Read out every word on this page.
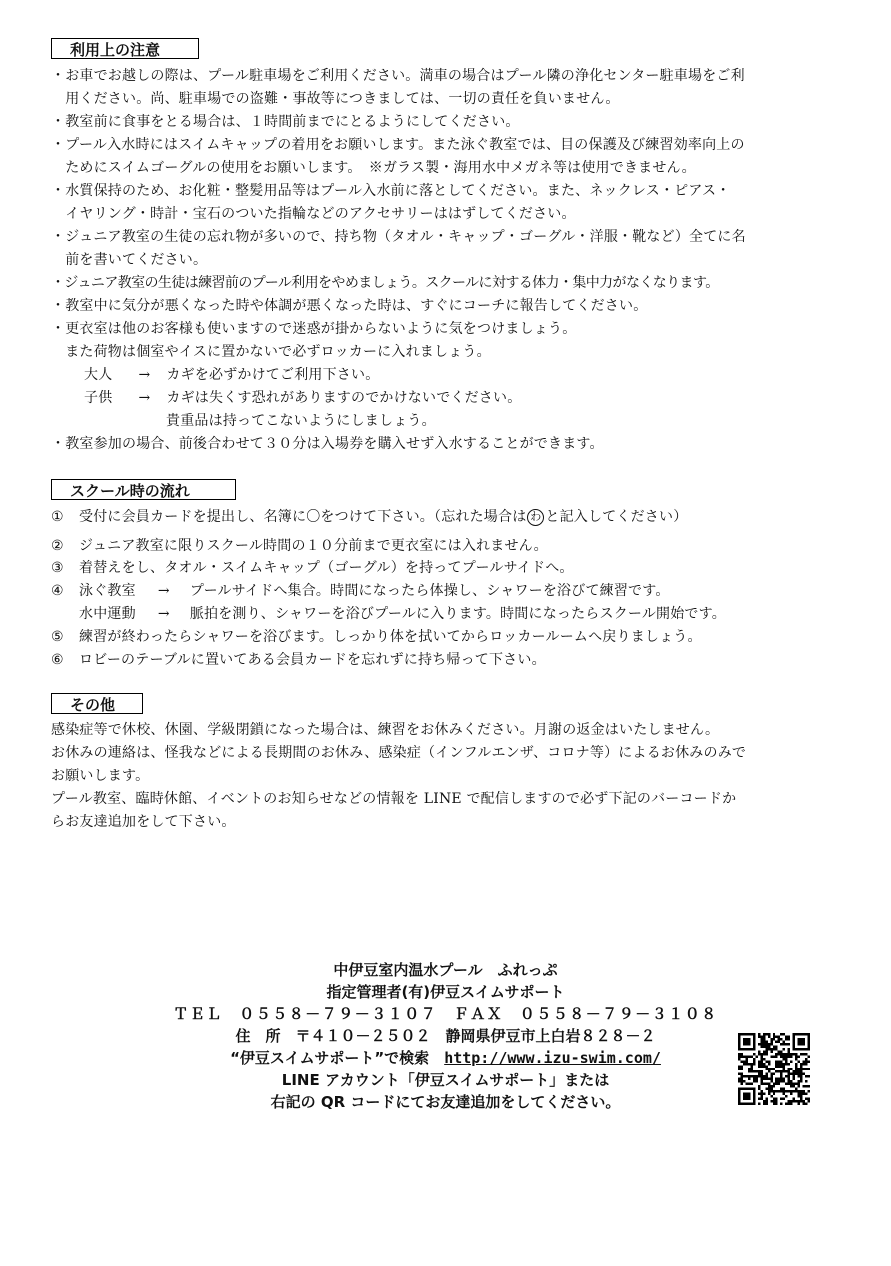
利用上の注意
・お車でお越しの際は、プール駐車場をご利用ください。満車の場合はプール隣の浄化センター駐車場をご利
　用ください。尚、駐車場での盗難・事故等につきましては、一切の責任を負いません。
・教室前に食事をとる場合は、１時間前までにとるようにしてください。
・プール入水時にはスイムキャップの着用をお願いします。また泳ぐ教室では、目の保護及び練習効率向上の
　ためにスイムゴーグルの使用をお願いします。　※ガラス製・海用水中メガネ等は使用できません。
・水質保持のため、お化粧・整髪用品等はプール入水前に落としてください。また、ネックレス・ピアス・
　イヤリング・時計・宝石のついた指輪などのアクセサリーははずしてください。
・ジュニア教室の生徒の忘れ物が多いので、持ち物（タオル・キャップ・ゴーグル・洋服・靴など）全てに名
　前を書いてください。
・ジュニア教室の生徒は練習前のプール利用をやめましょう。スクールに対する体力・集中力がなくなります。
・教室中に気分が悪くなった時や体調が悪くなった時は、すぐにコーチに報告してください。
・更衣室は他のお客様も使いますので迷惑が掛からないように気をつけましょう。
　また荷物は個室やイスに置かないで必ずロッカーに入れましょう。
大人 → カギを必ずかけてご利用下さい。
子供 → カギは失くす恐れがありますのでかけないでください。
貴重品は持ってこないようにしましょう。
・教室参加の場合、前後合わせて３０分は入場券を購入せず入水することができます。
スクール時の流れ
① 受付に会員カードを提出し、名簿に〇をつけて下さい。（忘れた場合は わ と記入してください）
② ジュニア教室に限りスクール時間の１０分前まで更衣室には入れません。
③ 着替えをし、タオル・スイムキャップ（ゴーグル）を持ってプールサイドへ。
④ 泳ぐ教室 → プールサイドへ集合。時間になったら体操し、シャワーを浴びて練習です。
水中運動 → 脈拍を測り、シャワーを浴びプールに入ります。時間になったらスクール開始です。
⑤ 練習が終わったらシャワーを浴びます。しっかり体を拭いてからロッカールームへ戻りましょう。
⑥ ロビーのテーブルに置いてある会員カードを忘れずに持ち帰って下さい。
その他
感染症等で休校、休園、学級閉鎖になった場合は、練習をお休みください。月謝の返金はいたしません。
お休みの連絡は、怪我などによる長期間のお休み、感染症（インフルエンザ、コロナ等）によるお休みのみで
お願いします。
プール教室、臨時休館、イベントのお知らせなどの情報を LINE で配信しますので必ず下記のバーコードか
らお友達追加をして下さい。
中伊豆室内温水プール　ふれっぷ
指定管理者(有)伊豆スイムサポート
ＴＥＬ　０５５８－７９－３１０７　ＦＡＸ　０５５８－７９－３１０８
住　所　〒４１０－２５０２　静岡県伊豆市上白岩８２８－２
“伊豆スイムサポート”で検索　http://www.izu-swim.com/
LINE アカウント「伊豆スイムサポート」または
右記の QR コードにてお友達追加をしてください。
